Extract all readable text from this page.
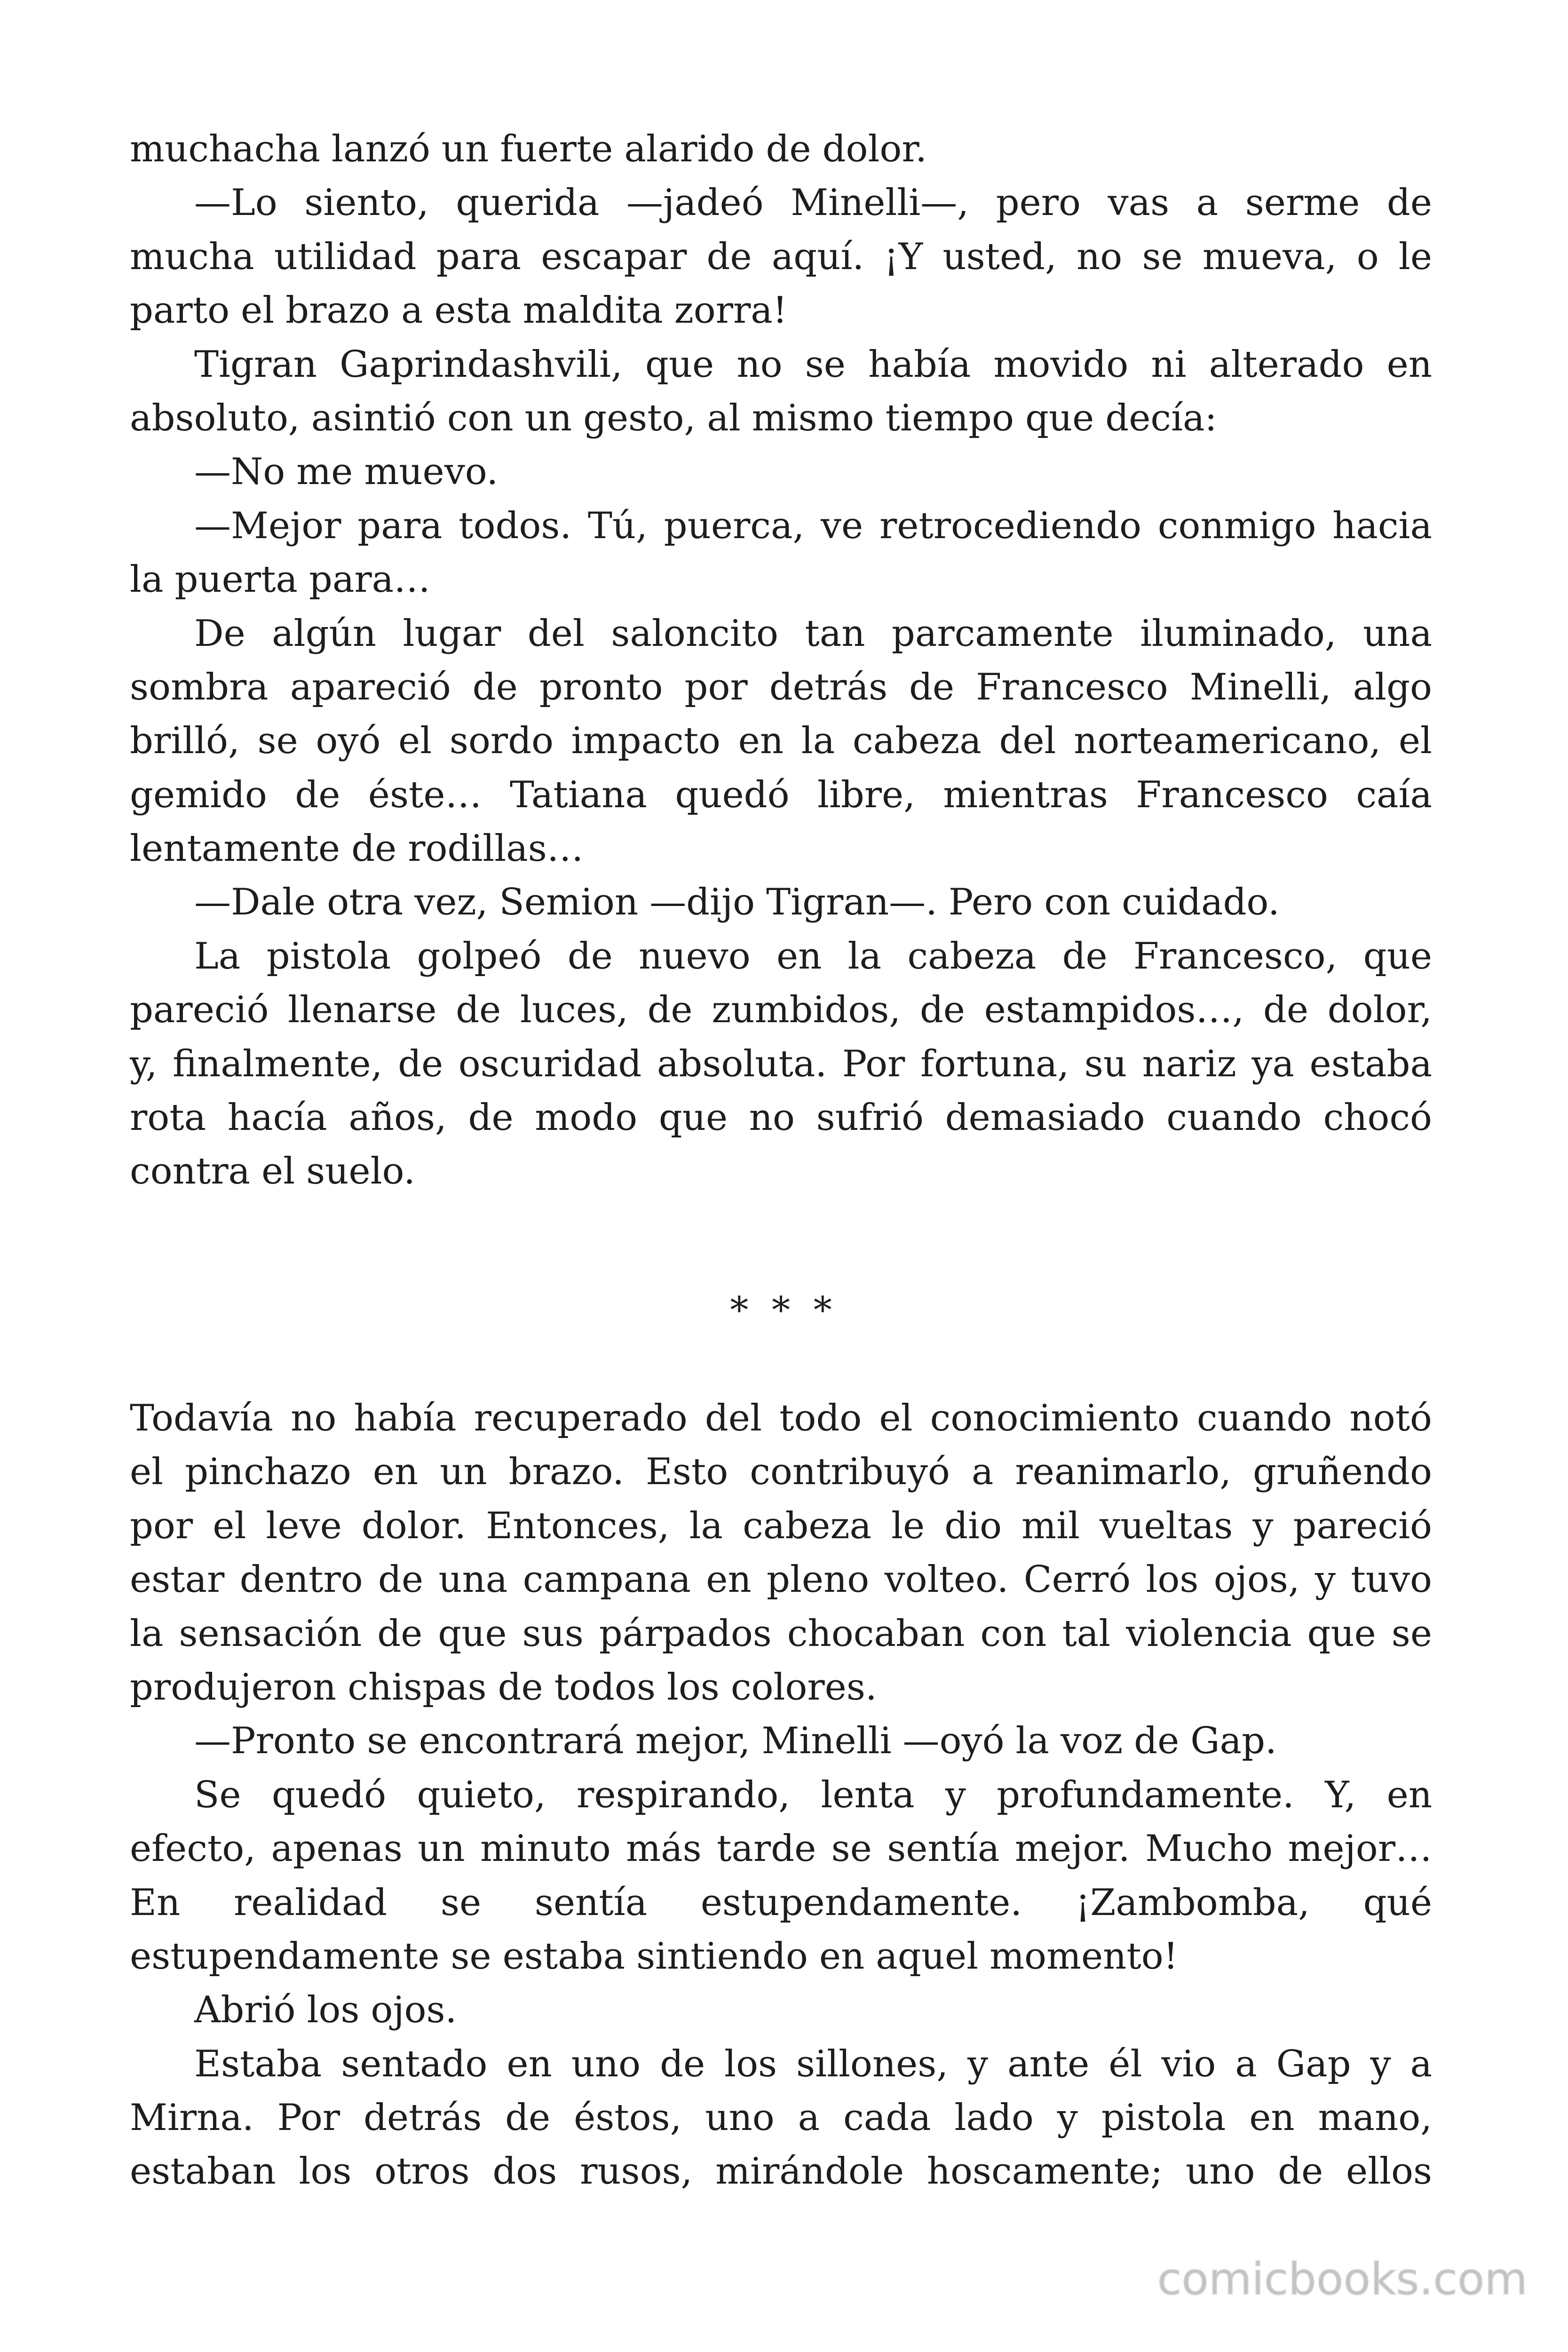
muchacha lanzó un fuerte alarido de dolor.
—Lo siento, querida —jadeó Minelli—, pero vas a serme de
mucha utilidad para escapar de aquí. ¡Y usted, no se mueva, o le
parto el brazo a esta maldita zorra!
Tigran Gaprindashvili, que no se había movido ni alterado en
absoluto, asintió con un gesto, al mismo tiempo que decía:
—No me muevo.
—Mejor para todos. Tú, puerca, ve retrocediendo conmigo hacia
la puerta para…
De algún lugar del saloncito tan parcamente iluminado, una
sombra apareció de pronto por detrás de Francesco Minelli, algo
brilló, se oyó el sordo impacto en la cabeza del norteamericano, el
gemido de éste… Tatiana quedó libre, mientras Francesco caía
lentamente de rodillas…
—Dale otra vez, Semion —dijo Tigran—. Pero con cuidado.
La pistola golpeó de nuevo en la cabeza de Francesco, que
pareció llenarse de luces, de zumbidos, de estampidos…, de dolor,
y, finalmente, de oscuridad absoluta. Por fortuna, su nariz ya estaba
rota hacía años, de modo que no sufrió demasiado cuando chocó
contra el suelo.
* * *
Todavía no había recuperado del todo el conocimiento cuando notó
el pinchazo en un brazo. Esto contribuyó a reanimarlo, gruñendo
por el leve dolor. Entonces, la cabeza le dio mil vueltas y pareció
estar dentro de una campana en pleno volteo. Cerró los ojos, y tuvo
la sensación de que sus párpados chocaban con tal violencia que se
produjeron chispas de todos los colores.
—Pronto se encontrará mejor, Minelli —oyó la voz de Gap.
Se quedó quieto, respirando, lenta y profundamente. Y, en
efecto, apenas un minuto más tarde se sentía mejor. Mucho mejor…
En realidad se sentía estupendamente. ¡Zambomba, qué
estupendamente se estaba sintiendo en aquel momento!
Abrió los ojos.
Estaba sentado en uno de los sillones, y ante él vio a Gap y a
Mirna. Por detrás de éstos, uno a cada lado y pistola en mano,
estaban los otros dos rusos, mirándole hoscamente; uno de ellos
comicbooks.com
